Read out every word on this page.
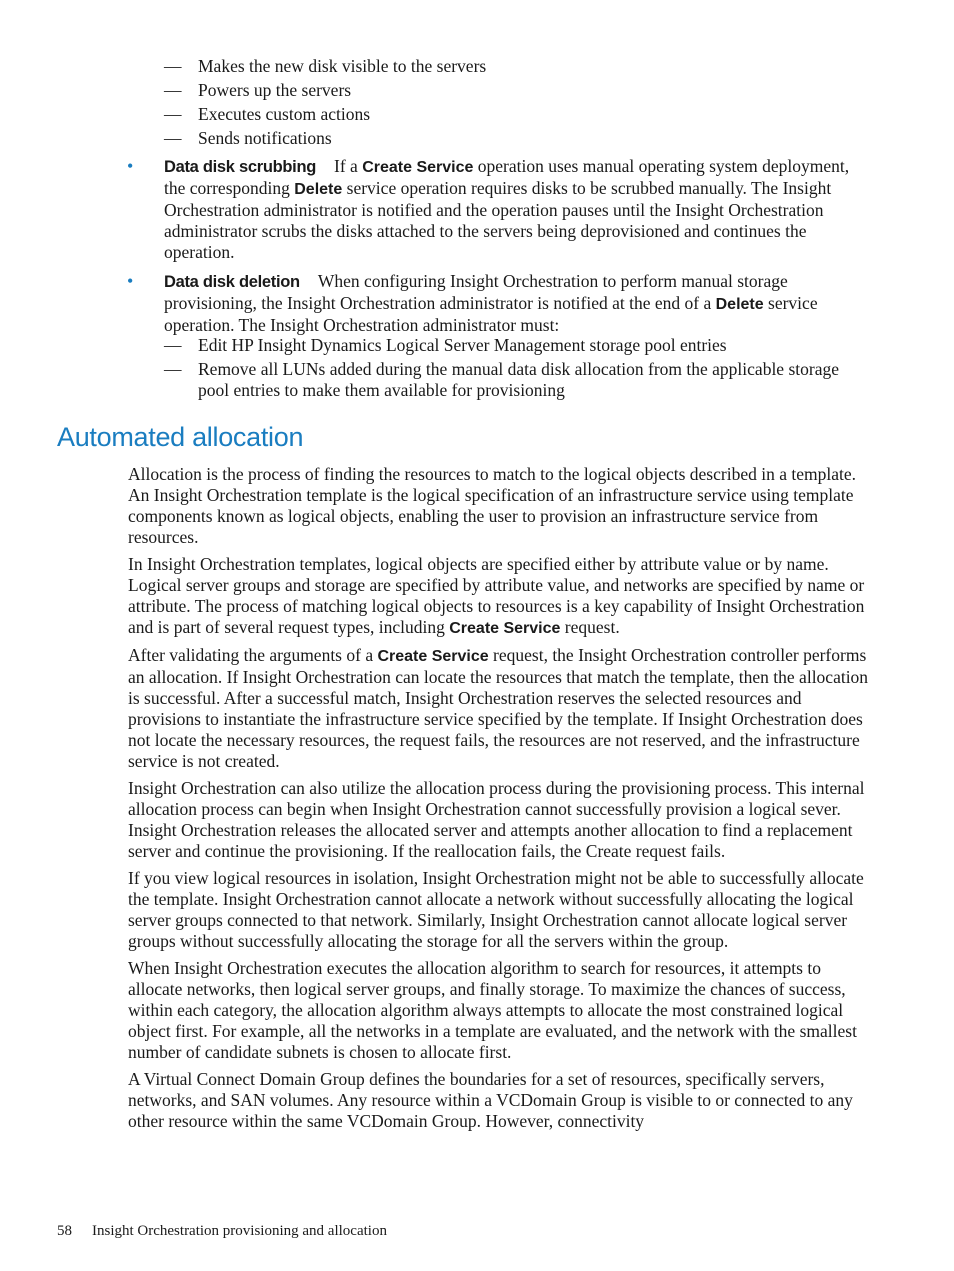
— Makes the new disk visible to the servers
— Powers up the servers
— Executes custom actions
— Sends notifications
• Data disk scrubbing If a Create Service operation uses manual operating system deployment, the corresponding Delete service operation requires disks to be scrubbed manually. The Insight Orchestration administrator is notified and the operation pauses until the Insight Orchestration administrator scrubs the disks attached to the servers being deprovisioned and continues the operation.
• Data disk deletion When configuring Insight Orchestration to perform manual storage provisioning, the Insight Orchestration administrator is notified at the end of a Delete service operation. The Insight Orchestration administrator must:
— Edit HP Insight Dynamics Logical Server Management storage pool entries
— Remove all LUNs added during the manual data disk allocation from the applicable storage pool entries to make them available for provisioning
Automated allocation

Allocation is the process of finding the resources to match to the logical objects described in a template. An Insight Orchestration template is the logical specification of an infrastructure service using template components known as logical objects, enabling the user to provision an infrastructure service from resources.

In Insight Orchestration templates, logical objects are specified either by attribute value or by name. Logical server groups and storage are specified by attribute value, and networks are specified by name or attribute. The process of matching logical objects to resources is a key capability of Insight Orchestration and is part of several request types, including Create Service request.

After validating the arguments of a Create Service request, the Insight Orchestration controller performs an allocation. If Insight Orchestration can locate the resources that match the template, then the allocation is successful. After a successful match, Insight Orchestration reserves the selected resources and provisions to instantiate the infrastructure service specified by the template. If Insight Orchestration does not locate the necessary resources, the request fails, the resources are not reserved, and the infrastructure service is not created.

Insight Orchestration can also utilize the allocation process during the provisioning process. This internal allocation process can begin when Insight Orchestration cannot successfully provision a logical sever. Insight Orchestration releases the allocated server and attempts another allocation to find a replacement server and continue the provisioning. If the reallocation fails, the Create request fails.

If you view logical resources in isolation, Insight Orchestration might not be able to successfully allocate the template. Insight Orchestration cannot allocate a network without successfully allocating the logical server groups connected to that network. Similarly, Insight Orchestration cannot allocate logical server groups without successfully allocating the storage for all the servers within the group.

When Insight Orchestration executes the allocation algorithm to search for resources, it attempts to allocate networks, then logical server groups, and finally storage. To maximize the chances of success, within each category, the allocation algorithm always attempts to allocate the most constrained logical object first. For example, all the networks in a template are evaluated, and the network with the smallest number of candidate subnets is chosen to allocate first.

A Virtual Connect Domain Group defines the boundaries for a set of resources, specifically servers, networks, and SAN volumes. Any resource within a VCDomain Group is visible to or connected to any other resource within the same VCDomain Group. However, connectivity

58 Insight Orchestration provisioning and allocation
